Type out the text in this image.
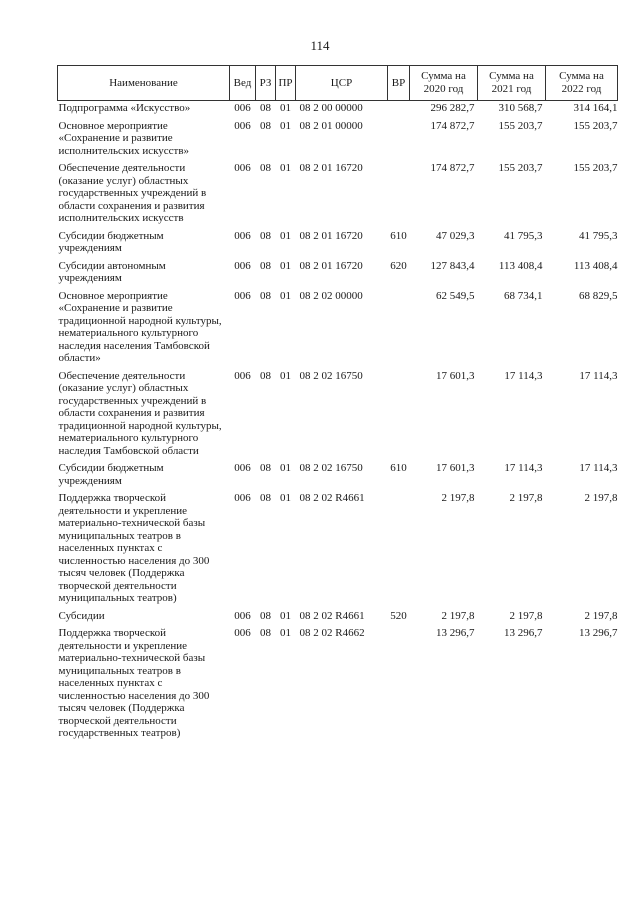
114
Наименование	Вед	РЗ	ПР	ЦСР	ВР	Сумма на 2020 год	Сумма на 2021 год	Сумма на 2022 год
Подпрограмма «Искусство»	006	08	01	08 2 00 00000		296 282,7	310 568,7	314 164,1
Основное мероприятие «Сохранение и развитие исполнительских искусств»	006	08	01	08 2 01 00000		174 872,7	155 203,7	155 203,7
Обеспечение деятельности (оказание услуг) областных государственных учреждений в области сохранения и развития исполнительских искусств	006	08	01	08 2 01 16720		174 872,7	155 203,7	155 203,7
Субсидии бюджетным учреждениям	006	08	01	08 2 01 16720	610	47 029,3	41 795,3	41 795,3
Субсидии автономным учреждениям	006	08	01	08 2 01 16720	620	127 843,4	113 408,4	113 408,4
Основное мероприятие «Сохранение и развитие традиционной народной культуры, нематериального культурного наследия населения Тамбовской области»	006	08	01	08 2 02 00000		62 549,5	68 734,1	68 829,5
Обеспечение деятельности (оказание услуг) областных государственных учреждений в области сохранения и развития традиционной народной культуры, нематериального культурного наследия Тамбовской области	006	08	01	08 2 02 16750		17 601,3	17 114,3	17 114,3
Субсидии бюджетным учреждениям	006	08	01	08 2 02 16750	610	17 601,3	17 114,3	17 114,3
Поддержка творческой деятельности и укрепление материально-технической базы муниципальных театров в населенных пунктах с численностью населения до 300 тысяч человек (Поддержка творческой деятельности муниципальных театров)	006	08	01	08 2 02 R4661		2 197,8	2 197,8	2 197,8
Субсидии	006	08	01	08 2 02 R4661	520	2 197,8	2 197,8	2 197,8
Поддержка творческой деятельности и укрепление материально-технической базы муниципальных театров в населенных пунктах с численностью населения до 300 тысяч человек (Поддержка творческой деятельности государственных театров)	006	08	01	08 2 02 R4662		13 296,7	13 296,7	13 296,7
